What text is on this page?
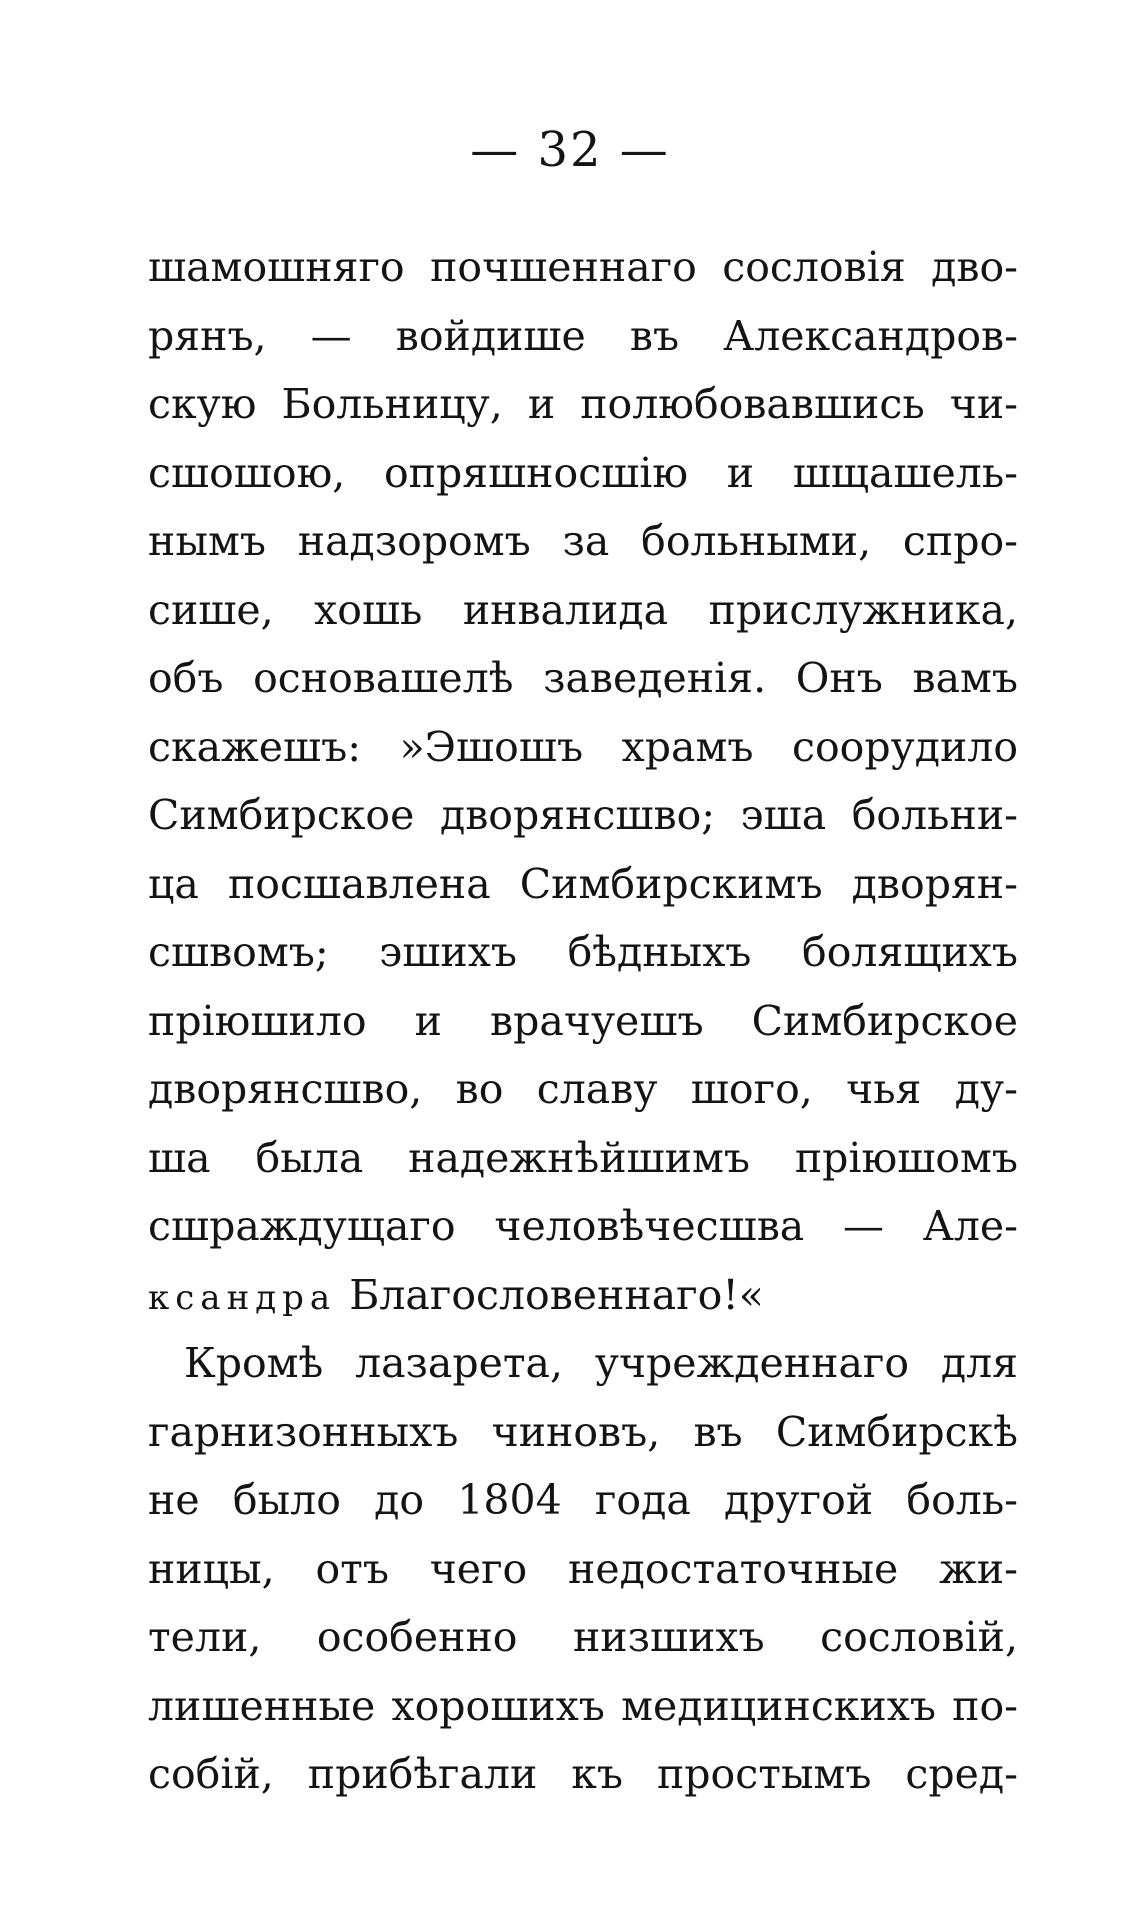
— 32 —
шамошняго почшеннаго сословія дво-
рянъ, — войдише въ Александров-
скую Больницу, и полюбовавшись чи-
сшошою, опряшносшію и шщашель-
нымъ надзоромъ за больными, спро-
сише, хошь инвалида прислужника,
объ основашелѣ заведенія. Онъ вамъ
скажешъ: »Эшошъ храмъ соорудило
Симбирское дворянсшво; эша больни-
ца посшавлена Симбирскимъ дворян-
сшвомъ; эшихъ бѣдныхъ болящихъ
пріюшило и врачуешъ Симбирское
дворянсшво, во славу шого, чья ду-
ша была надежнѣйшимъ пріюшомъ
сшраждущаго человѣчесшва — Але-
ксандра Благословеннаго!«
Кромѣ лазарета, учрежденнаго для
гарнизонныхъ чиновъ, въ Симбирскѣ
не было до 1804 года другой боль-
ницы, отъ чего недостаточные жи-
тели, особенно низшихъ сословій,
лишенные хорошихъ медицинскихъ по-
собій, прибѣгали къ простымъ сред-
